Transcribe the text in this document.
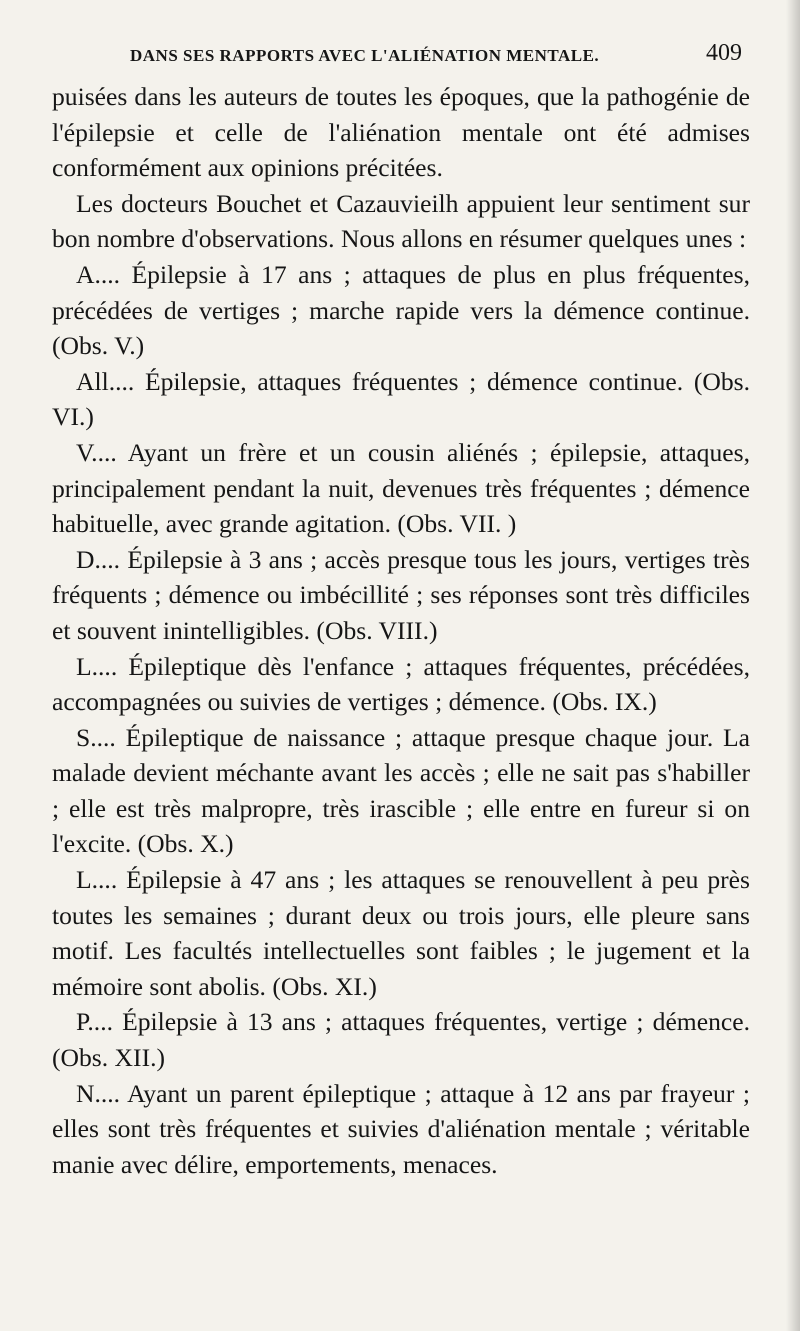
DANS SES RAPPORTS AVEC L'ALIÉNATION MENTALE.	409

puisées dans les auteurs de toutes les époques, que la pathogénie de l'épilepsie et celle de l'aliénation mentale ont été admises conformément aux opinions précitées.

Les docteurs Bouchet et Cazauvieilh appuient leur sentiment sur bon nombre d'observations. Nous allons en résumer quelques unes :

A.... Épilepsie à 17 ans ; attaques de plus en plus fréquentes, précédées de vertiges ; marche rapide vers la démence continue. (Obs. V.)

All.... Épilepsie, attaques fréquentes ; démence continue. (Obs. VI.)

V.... Ayant un frère et un cousin aliénés ; épilepsie, attaques, principalement pendant la nuit, devenues très fréquentes ; démence habituelle, avec grande agitation. (Obs. VII. )

D.... Épilepsie à 3 ans ; accès presque tous les jours, vertiges très fréquents ; démence ou imbécillité ; ses réponses sont très difficiles et souvent inintelligibles. (Obs. VIII.)

L.... Épileptique dès l'enfance ; attaques fréquentes, précédées, accompagnées ou suivies de vertiges ; démence. (Obs. IX.)

S.... Épileptique de naissance ; attaque presque chaque jour. La malade devient méchante avant les accès ; elle ne sait pas s'habiller ; elle est très malpropre, très irascible ; elle entre en fureur si on l'excite. (Obs. X.)

L.... Épilepsie à 47 ans ; les attaques se renouvellent à peu près toutes les semaines ; durant deux ou trois jours, elle pleure sans motif. Les facultés intellectuelles sont faibles ; le jugement et la mémoire sont abolis. (Obs. XI.)

P.... Épilepsie à 13 ans ; attaques fréquentes, vertige ; démence. (Obs. XII.)

N.... Ayant un parent épileptique ; attaque à 12 ans par frayeur ; elles sont très fréquentes et suivies d'aliénation mentale ; véritable manie avec délire, emportements, menaces.
